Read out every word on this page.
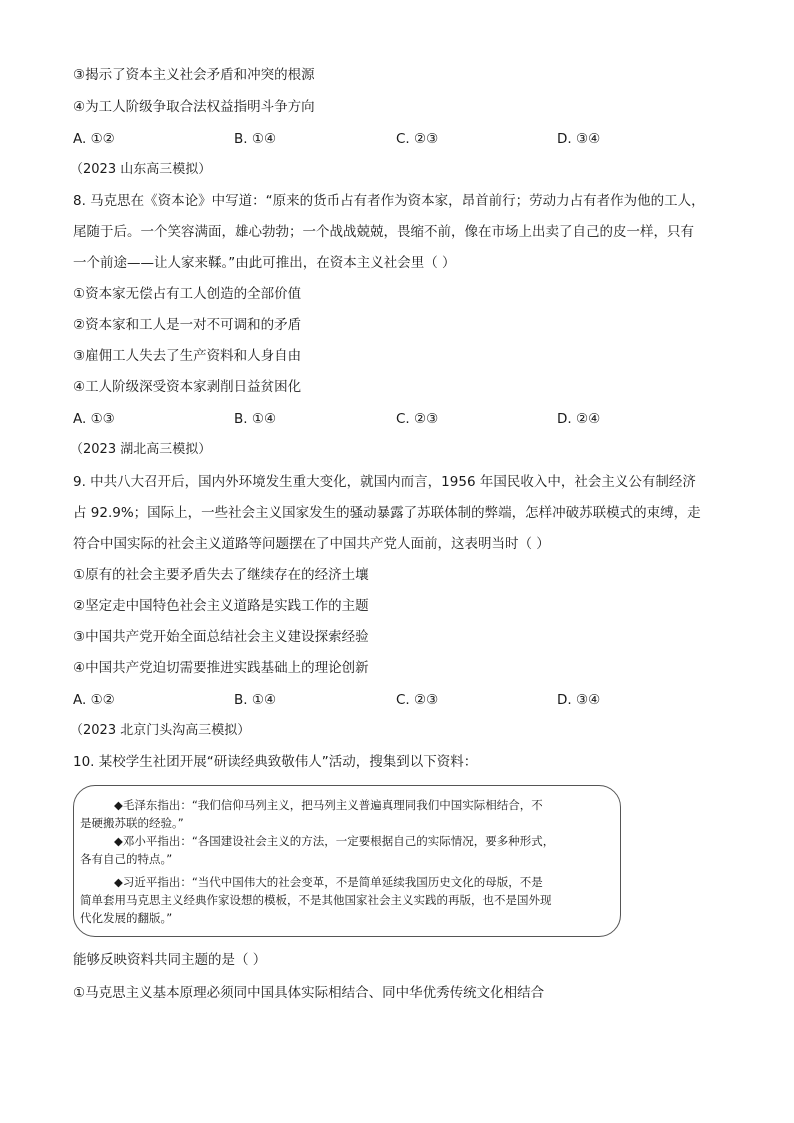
③揭示了资本主义社会矛盾和冲突的根源
④为工人阶级争取合法权益指明斗争方向
A. ①②	B. ①④	C. ②③	D. ③④
（2023 山东高三模拟）
8. 马克思在《资本论》中写道：“原来的货币占有者作为资本家，昂首前行；劳动力占有者作为他的工人，
尾随于后。一个笑容满面，雄心勃勃；一个战战兢兢，畏缩不前，像在市场上出卖了自己的皮一样，只有
一个前途——让人家来鞣。”由此可推出，在资本主义社会里（ ）
①资本家无偿占有工人创造的全部价值
②资本家和工人是一对不可调和的矛盾
③雇佣工人失去了生产资料和人身自由
④工人阶级深受资本家剥削日益贫困化
A. ①③	B. ①④	C. ②③	D. ②④
（2023 湖北高三模拟）
9. 中共八大召开后，国内外环境发生重大变化，就国内而言，1956 年国民收入中，社会主义公有制经济
占 92.9%；国际上，一些社会主义国家发生的骚动暴露了苏联体制的弊端，怎样冲破苏联模式的束缚，走
符合中国实际的社会主义道路等问题摆在了中国共产党人面前，这表明当时（ ）
①原有的社会主要矛盾失去了继续存在的经济土壤
②坚定走中国特色社会主义道路是实践工作的主题
③中国共产党开始全面总结社会主义建设探索经验
④中国共产党迫切需要推进实践基础上的理论创新
A. ①②	B. ①④	C. ②③	D. ③④
（2023 北京门头沟高三模拟）
10. 某校学生社团开展“研读经典致敬伟人”活动，搜集到以下资料：
◆毛泽东指出：“我们信仰马列主义，把马列主义普遍真理同我们中国实际相结合，不
是硬搬苏联的经验。”
◆邓小平指出：“各国建设社会主义的方法，一定要根据自己的实际情况，要多种形式，
各有自己的特点。”
◆习近平指出：“当代中国伟大的社会变革，不是简单延续我国历史文化的母版，不是
简单套用马克思主义经典作家设想的模板，不是其他国家社会主义实践的再版，也不是国外现
代化发展的翻版。”
能够反映资料共同主题的是（ ）
①马克思主义基本原理必须同中国具体实际相结合、同中华优秀传统文化相结合
